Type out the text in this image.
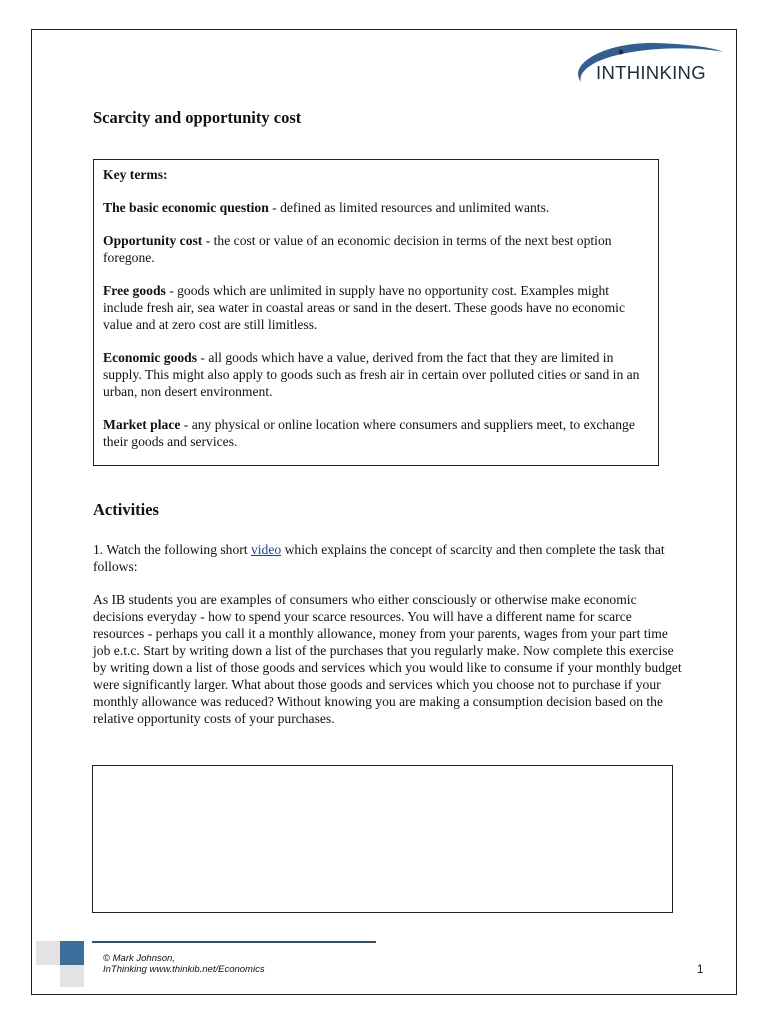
INTHINKING
Scarcity and opportunity cost

Key terms:

The basic economic question - defined as limited resources and unlimited wants.

Opportunity cost - the cost or value of an economic decision in terms of the next best option foregone.

Free goods - goods which are unlimited in supply have no opportunity cost. Examples might include fresh air, sea water in coastal areas or sand in the desert. These goods have no economic value and at zero cost are still limitless.

Economic goods - all goods which have a value, derived from the fact that they are limited in supply. This might also apply to goods such as fresh air in certain over polluted cities or sand in an urban, non desert environment.

Market place - any physical or online location where consumers and suppliers meet, to exchange their goods and services.

Activities

1. Watch the following short video which explains the concept of scarcity and then complete the task that follows:

As IB students you are examples of consumers who either consciously or otherwise make economic decisions everyday - how to spend your scarce resources. You will have a different name for scarce resources - perhaps you call it a monthly allowance, money from your parents, wages from your part time job e.t.c. Start by writing down a list of the purchases that you regularly make. Now complete this exercise by writing down a list of those goods and services which you would like to consume if your monthly budget were significantly larger. What about those goods and services which you choose not to purchase if your monthly allowance was reduced? Without knowing you are making a consumption decision based on the relative opportunity costs of your purchases.

© Mark Johnson,
InThinking www.thinkib.net/Economics	1
